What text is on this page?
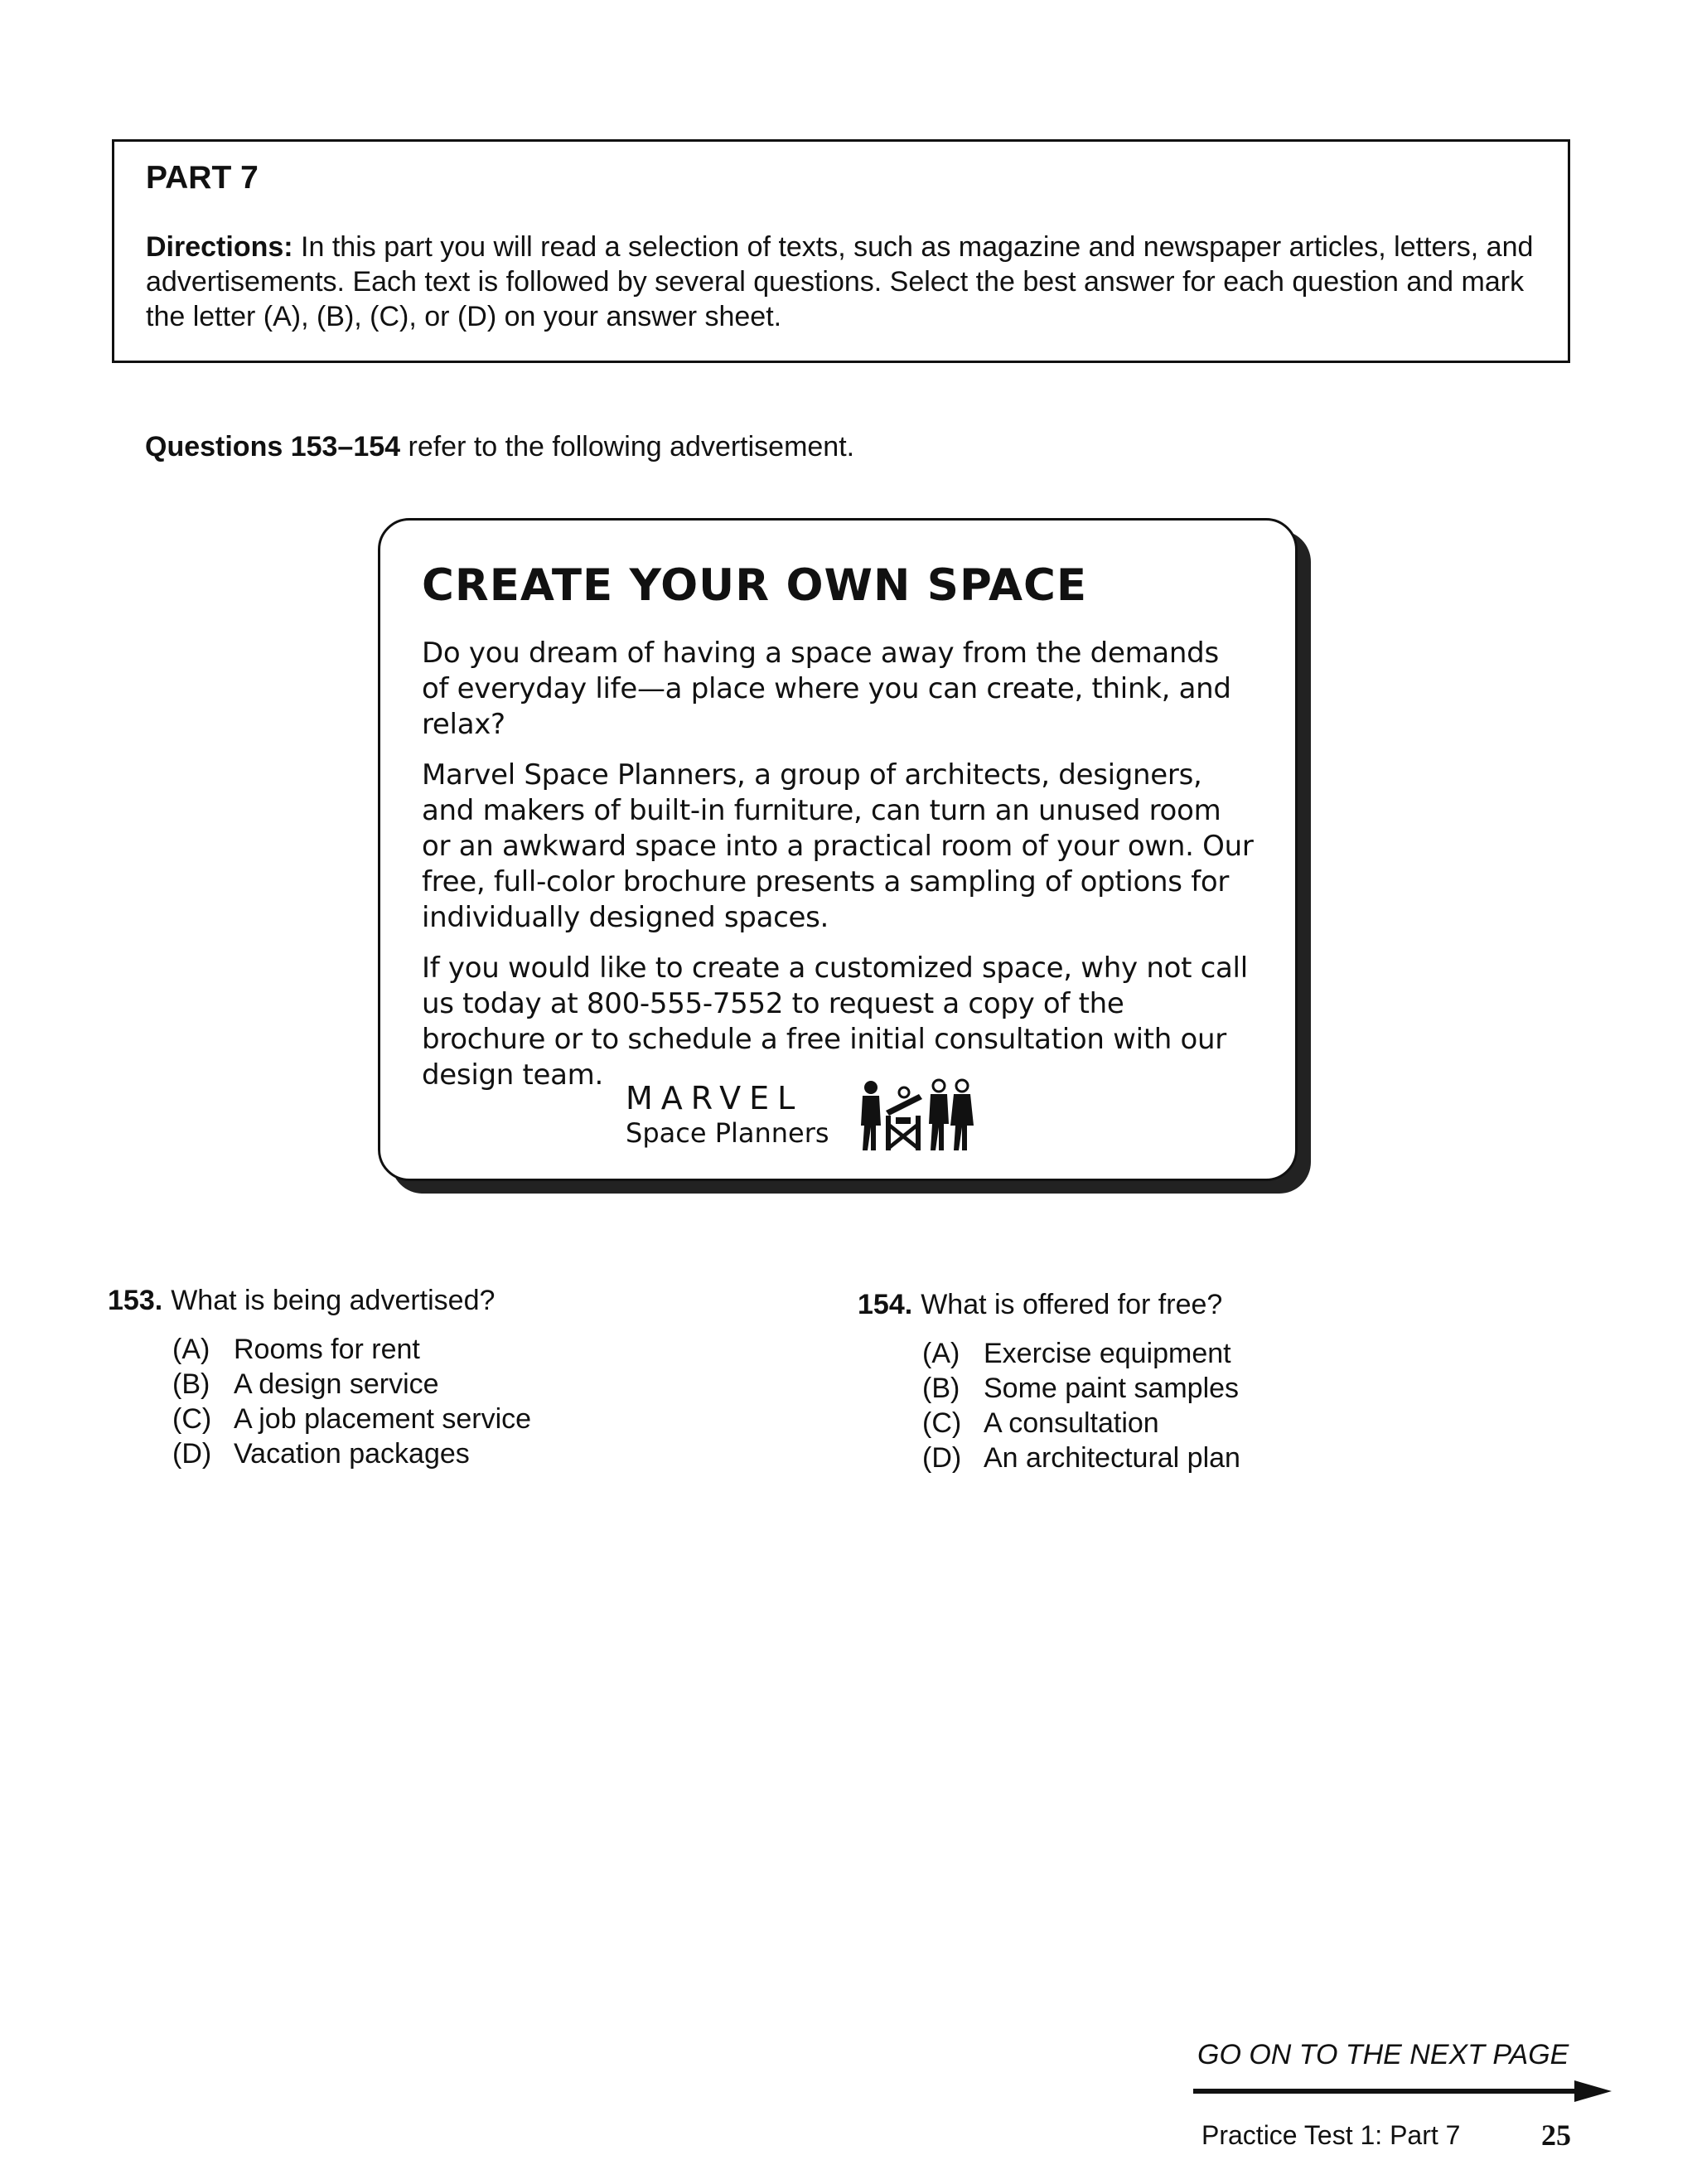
PART 7

Directions: In this part you will read a selection of texts, such as magazine and newspaper articles, letters, and advertisements. Each text is followed by several questions. Select the best answer for each question and mark the letter (A), (B), (C), or (D) on your answer sheet.

Questions 153–154 refer to the following advertisement.
CREATE YOUR OWN SPACE

Do you dream of having a space away from the demands of everyday life—a place where you can create, think, and relax?

Marvel Space Planners, a group of architects, designers, and makers of built-in furniture, can turn an unused room or an awkward space into a practical room of your own. Our free, full-color brochure presents a sampling of options for individually designed spaces.

If you would like to create a customized space, why not call us today at 800-555-7552 to request a copy of the brochure or to schedule a free initial consultation with our design team.

MARVEL
Space Planners
153. What is being advertised?
(A) Rooms for rent
(B) A design service
(C) A job placement service
(D) Vacation packages
154. What is offered for free?
(A) Exercise equipment
(B) Some paint samples
(C) A consultation
(D) An architectural plan
GO ON TO THE NEXT PAGE
Practice Test 1: Part 7	25
